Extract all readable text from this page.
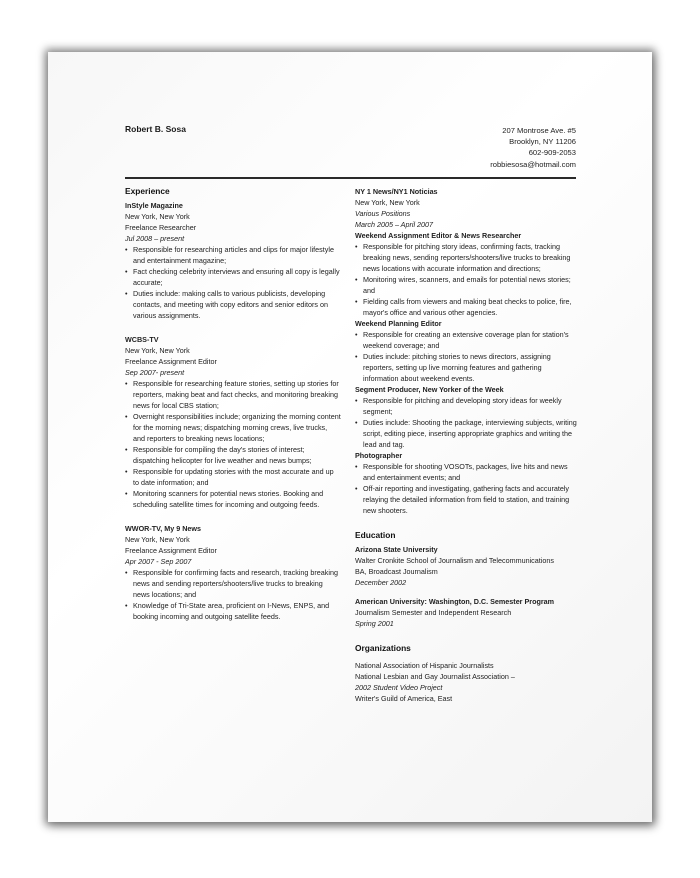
Robert B. Sosa	207 Montrose Ave. #5
Brooklyn, NY 11206
602-909-2053
robbiesosa@hotmail.com
Experience
InStyle Magazine
New York, New York
Freelance Researcher
Jul 2008 – present
• Responsible for researching articles and clips for major lifestyle and entertainment magazine;
• Fact checking celebrity interviews and ensuring all copy is legally accurate;
• Duties include: making calls to various publicists, developing contacts, and meeting with copy editors and senior editors on various assignments.
WCBS-TV
New York, New York
Freelance Assignment Editor
Sep 2007- present
• Responsible for researching feature stories, setting up stories for reporters, making beat and fact checks, and monitoring breaking news for local CBS station;
• Overnight responsibilities include; organizing the morning content for the morning news; dispatching morning crews, live trucks, and reporters to breaking news locations;
• Responsible for compiling the day's stories of interest; dispatching helicopter for live weather and news bumps;
• Responsible for updating stories with the most accurate and up to date information; and
• Monitoring scanners for potential news stories. Booking and scheduling satellite times for incoming and outgoing feeds.
WWOR-TV, My 9 News
New York, New York
Freelance Assignment Editor
Apr 2007 - Sep 2007
• Responsible for confirming facts and research, tracking breaking news and sending reporters/shooters/live trucks to breaking news locations; and
• Knowledge of Tri-State area, proficient on I-News, ENPS, and booking incoming and outgoing satellite feeds.
NY 1 News/NY1 Noticias
New York, New York
Various Positions
March 2005 – April 2007
Weekend Assignment Editor & News Researcher
• Responsible for pitching story ideas, confirming facts, tracking breaking news, sending reporters/shooters/live trucks to breaking news locations with accurate information and directions;
• Monitoring wires, scanners, and emails for potential news stories; and
• Fielding calls from viewers and making beat checks to police, fire, mayor's office and various other agencies.
Weekend Planning Editor
• Responsible for creating an extensive coverage plan for station's weekend coverage; and
• Duties include: pitching stories to news directors, assigning reporters, setting up live morning features and gathering information about weekend events.
Segment Producer, New Yorker of the Week
• Responsible for pitching and developing story ideas for weekly segment;
• Duties include: Shooting the package, interviewing subjects, writing script, editing piece, inserting appropriate graphics and writing the lead and tag.
Photographer
• Responsible for shooting VOSOTs, packages, live hits and news and entertainment events; and
• Off-air reporting and investigating, gathering facts and accurately relaying the detailed information from field to station, and training new shooters.
Education
Arizona State University
Walter Cronkite School of Journalism and Telecommunications
BA, Broadcast Journalism
December 2002
American University: Washington, D.C. Semester Program
Journalism Semester and Independent Research
Spring 2001
Organizations
National Association of Hispanic Journalists
National Lesbian and Gay Journalist Association –
2002 Student Video Project
Writer's Guild of America, East
